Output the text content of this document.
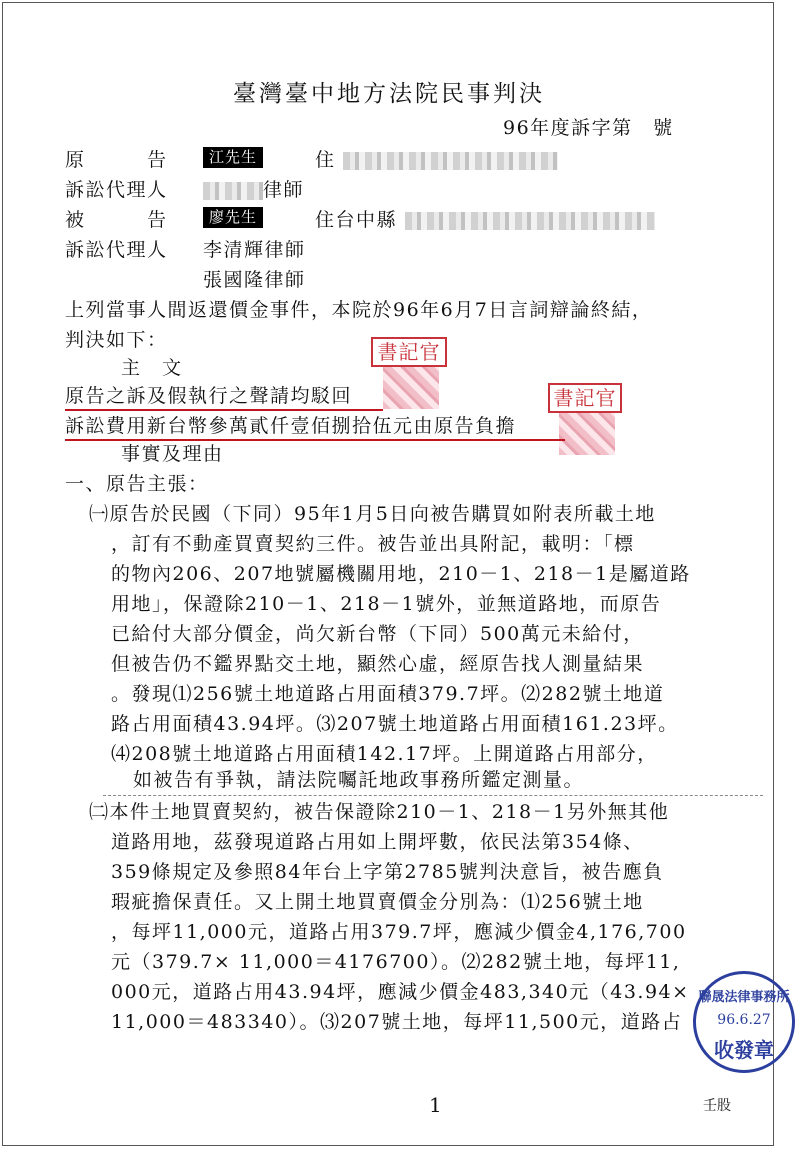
臺灣臺中地方法院民事判決
96年度訴字第　號
原　　　告	江先生	住
訴訟代理人	律師
被　　　告	廖先生	住台中縣
訴訟代理人 李清輝律師
張國隆律師
上列當事人間返還價金事件，本院於96年6月7日言詞辯論終結，
判決如下：
主　文
書記官
原告之訴及假執行之聲請均駁回	書記官
訴訟費用新台幣參萬貳仟壹佰捌拾伍元由原告負擔
事實及理由
一、原告主張：
㈠原告於民國（下同）95年1月5日向被告購買如附表所載土地
，訂有不動產買賣契約三件。被告並出具附記，載明：「標
的物內206、207地號屬機關用地，210－1、218－1是屬道路
用地」，保證除210－1、218－1號外，並無道路地，而原告
已給付大部分價金，尚欠新台幣（下同）500萬元未給付，
但被告仍不鑑界點交土地，顯然心虛，經原告找人測量結果
。發現⑴256號土地道路占用面積379.7坪。⑵282號土地道
路占用面積43.94坪。⑶207號土地道路占用面積161.23坪。
⑷208號土地道路占用面積142.17坪。上開道路占用部分，
如被告有爭執，請法院囑託地政事務所鑑定測量。
㈡本件土地買賣契約，被告保證除210－1、218－1另外無其他
道路用地，茲發現道路占用如上開坪數，依民法第354條、
359條規定及參照84年台上字第2785號判決意旨，被告應負
瑕疵擔保責任。又上開土地買賣價金分別為：⑴256號土地
，每坪11,000元，道路占用379.7坪，應減少價金4,176,700
元（379.7× 11,000＝4176700）。⑵282號土地，每坪11,
000元，道路占用43.94坪，應減少價金483,340元（43.94×
11,000＝483340）。⑶207號土地，每坪11,500元，道路占
聯晟法律事務所
96.6.27
收發章
1	壬股
